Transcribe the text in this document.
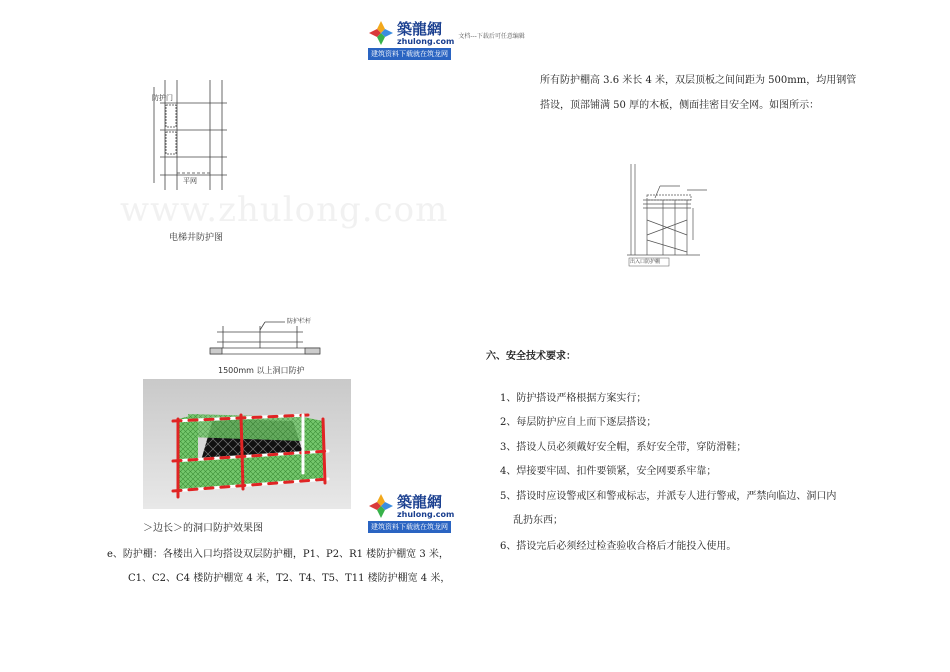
築龍網
zhulong.com
文档---下载后可任意编辑
建筑资料下载就在筑龙网
www.zhulong.com
防护门
平网
电梯井防护图
防护栏杆
1500mm 以上洞口防护
築龍網
zhulong.com
建筑资料下载就在筑龙网
＞边长＞的洞口防护效果图
e、防护棚：各楼出入口均搭设双层防护棚，P1、P2、R1 楼防护棚宽 3 米，
C1、C2、C4 楼防护棚宽 4 米，T2、T4、T5、T11 楼防护棚宽 4 米，
所有防护棚高 3.6 米长 4 米，双层顶板之间间距为 500mm，均用钢管
搭设，顶部铺满 50 厚的木板，侧面挂密目安全网。如图所示：
出入口防护棚
六、安全技术要求：
1、防护搭设严格根据方案实行；
2、每层防护应自上而下逐层搭设；
3、搭设人员必须戴好安全帽，系好安全带，穿防滑鞋；
4、焊接要牢固、扣件要锁紧，安全网要系牢靠；
5、搭设时应设警戒区和警戒标志，并派专人进行警戒，严禁向临边、洞口内
乱扔东西；
6、搭设完后必须经过检查验收合格后才能投入使用。
